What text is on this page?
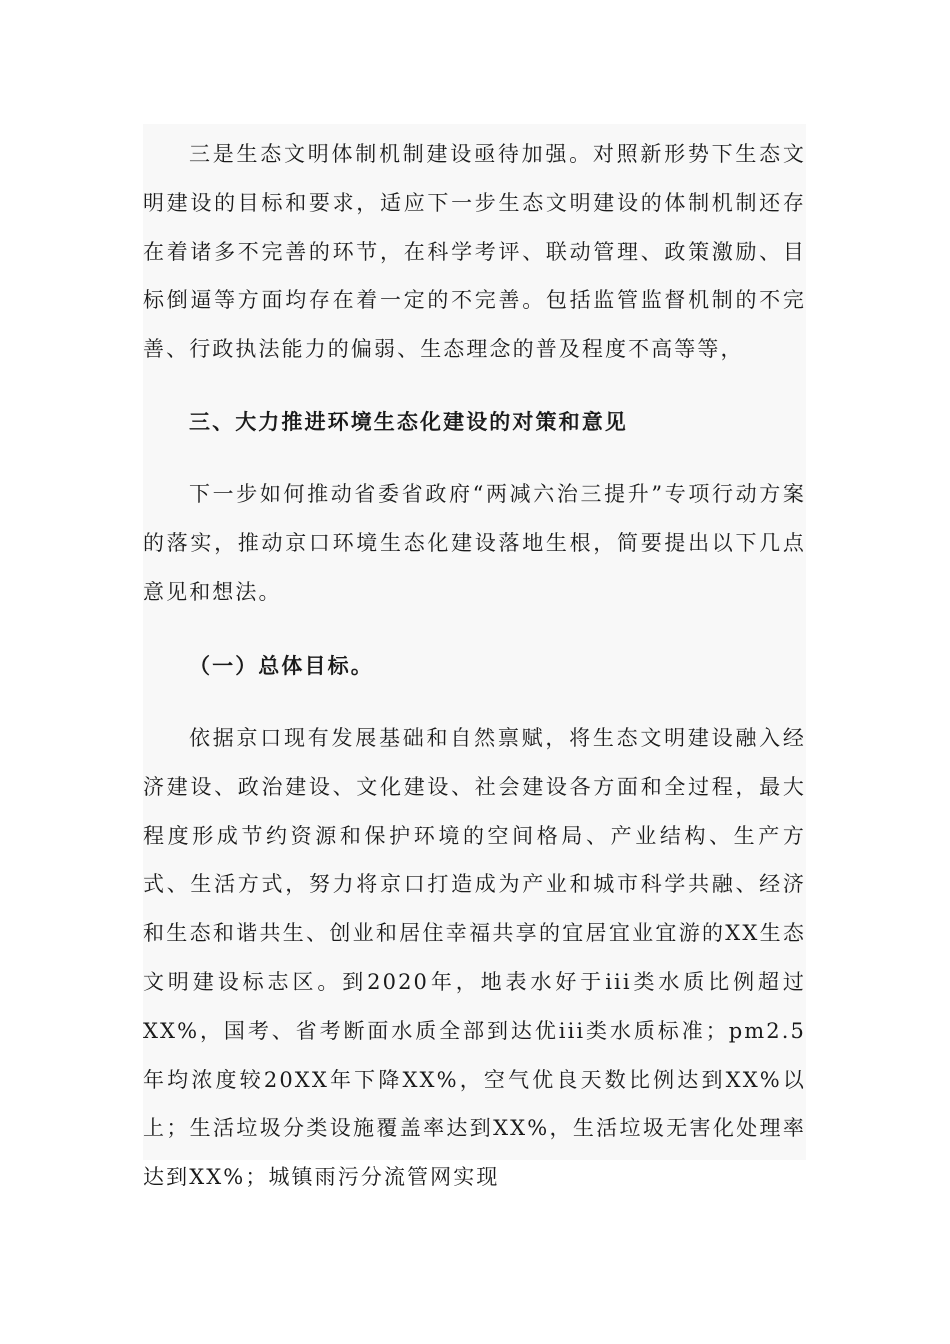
三是生态文明体制机制建设亟待加强。对照新形势下生态文明建设的目标和要求，适应下一步生态文明建设的体制机制还存在着诸多不完善的环节，在科学考评、联动管理、政策激励、目标倒逼等方面均存在着一定的不完善。包括监管监督机制的不完善、行政执法能力的偏弱、生态理念的普及程度不高等等，

三、大力推进环境生态化建设的对策和意见

下一步如何推动省委省政府“两减六治三提升”专项行动方案的落实，推动京口环境生态化建设落地生根，简要提出以下几点意见和想法。

（一）总体目标。

依据京口现有发展基础和自然禀赋，将生态文明建设融入经济建设、政治建设、文化建设、社会建设各方面和全过程，最大程度形成节约资源和保护环境的空间格局、产业结构、生产方式、生活方式，努力将京口打造成为产业和城市科学共融、经济和生态和谐共生、创业和居住幸福共享的宜居宜业宜游的XX生态文明建设标志区。到2020年，地表水好于iii类水质比例超过XX%，国考、省考断面水质全部到达优iii类水质标准；pm2.5年均浓度较20XX年下降XX%，空气优良天数比例达到XX%以上；生活垃圾分类设施覆盖率达到XX%，生活垃圾无害化处理率达到XX%；城镇雨污分流管网实现
